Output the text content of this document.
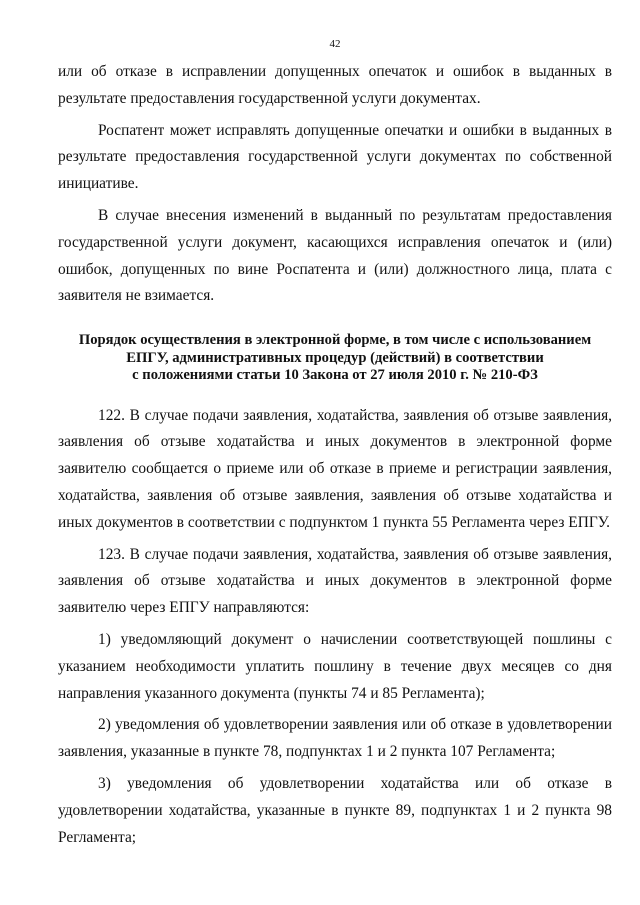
42

или об отказе в исправлении допущенных опечаток и ошибок в выданных в результате предоставления государственной услуги документах.

Роспатент может исправлять допущенные опечатки и ошибки в выданных в результате предоставления государственной услуги документах по собственной инициативе.

В случае внесения изменений в выданный по результатам предоставления государственной услуги документ, касающихся исправления опечаток и (или) ошибок, допущенных по вине Роспатента и (или) должностного лица, плата с заявителя не взимается.

Порядок осуществления в электронной форме, в том числе с использованием
ЕПГУ, административных процедур (действий) в соответствии
с положениями статьи 10 Закона от 27 июля 2010 г. № 210-ФЗ

122. В случае подачи заявления, ходатайства, заявления об отзыве заявления, заявления об отзыве ходатайства и иных документов в электронной форме заявителю сообщается о приеме или об отказе в приеме и регистрации заявления, ходатайства, заявления об отзыве заявления, заявления об отзыве ходатайства и иных документов в соответствии с подпунктом 1 пункта 55 Регламента через ЕПГУ.

123. В случае подачи заявления, ходатайства, заявления об отзыве заявления, заявления об отзыве ходатайства и иных документов в электронной форме заявителю через ЕПГУ направляются:

1) уведомляющий документ о начислении соответствующей пошлины с указанием необходимости уплатить пошлину в течение двух месяцев со дня направления указанного документа (пункты 74 и 85 Регламента);

2) уведомления об удовлетворении заявления или об отказе в удовлетворении заявления, указанные в пункте 78, подпунктах 1 и 2 пункта 107 Регламента;

3) уведомления об удовлетворении ходатайства или об отказе в удовлетворении ходатайства, указанные в пункте 89, подпунктах 1 и 2 пункта 98 Регламента;
